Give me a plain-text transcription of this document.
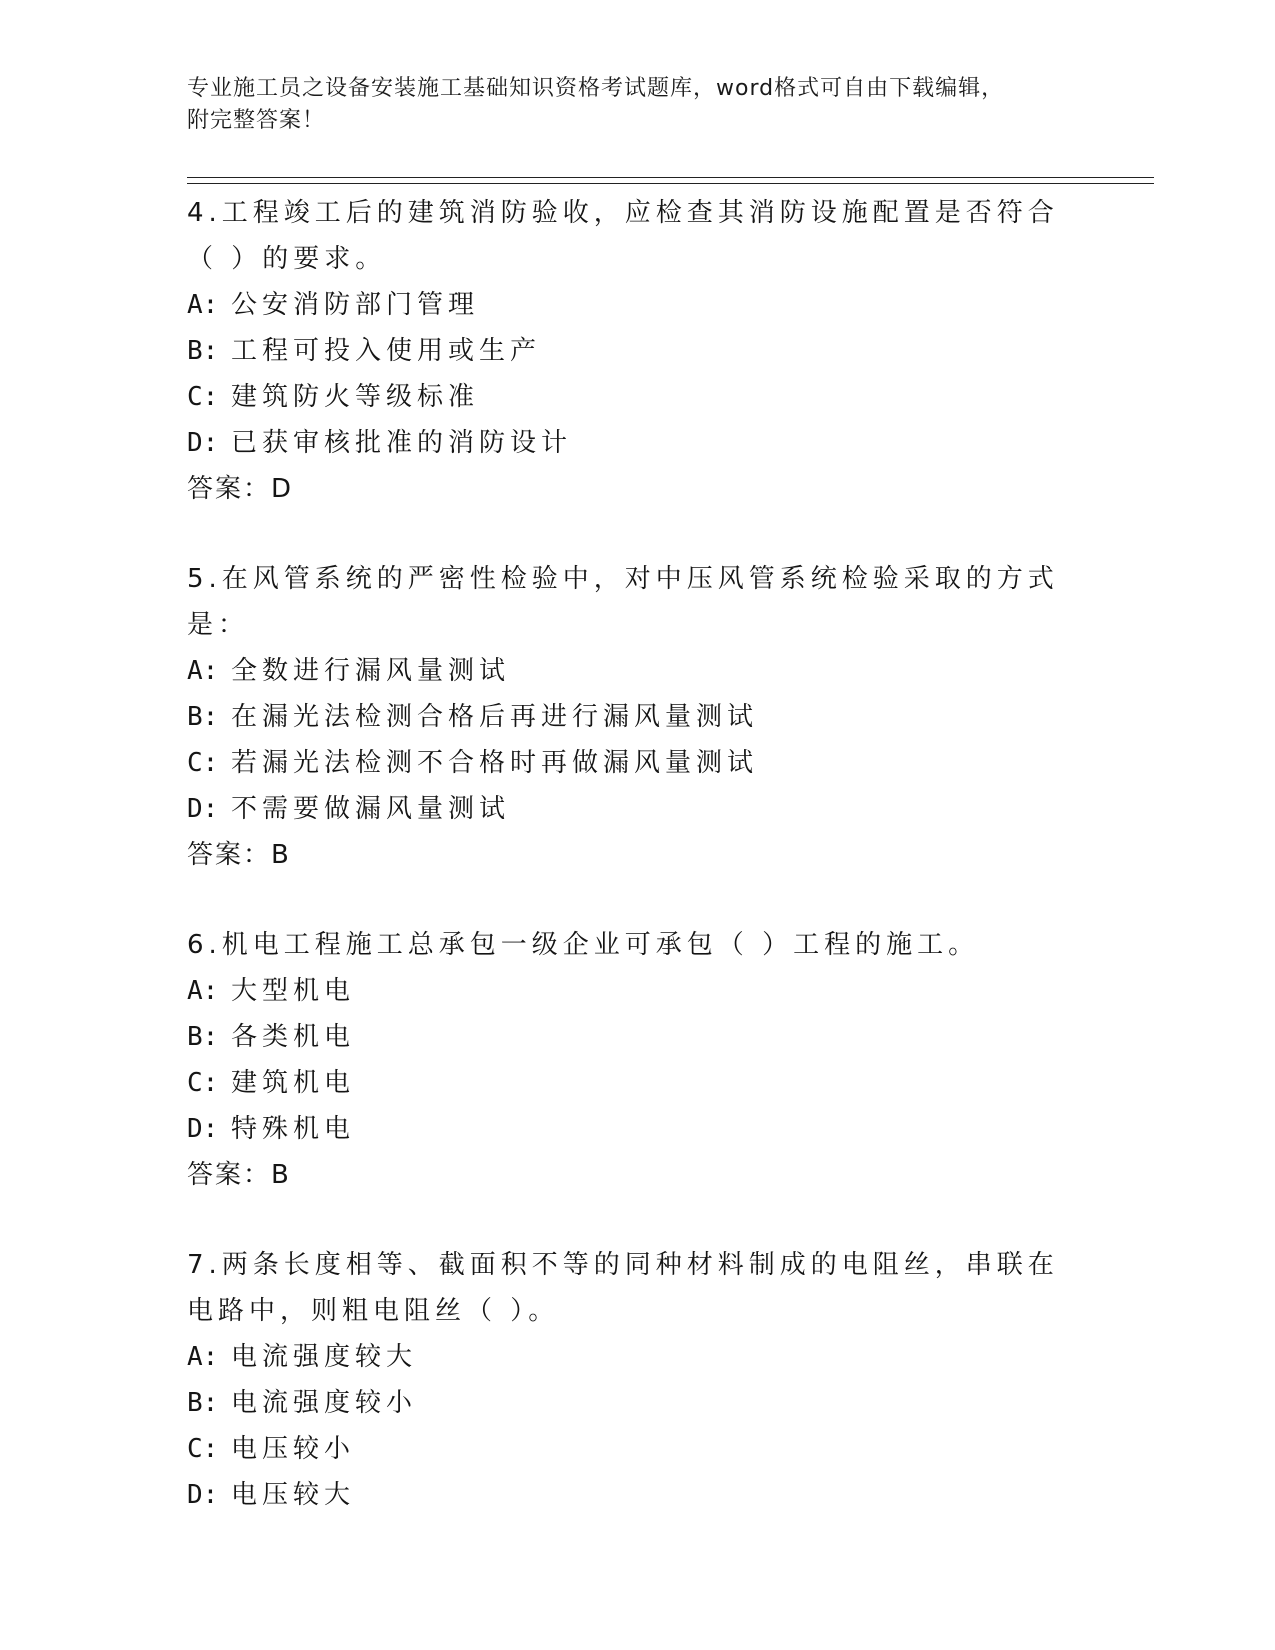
专业施工员之设备安装施工基础知识资格考试题库，word格式可自由下载编辑，
附完整答案！
4.工程竣工后的建筑消防验收，应检查其消防设施配置是否符合（ ）的要求。
A: 公安消防部门管理
B: 工程可投入使用或生产
C: 建筑防火等级标准
D: 已获审核批准的消防设计
答案：D
5.在风管系统的严密性检验中，对中压风管系统检验采取的方式是：
A: 全数进行漏风量测试
B: 在漏光法检测合格后再进行漏风量测试
C: 若漏光法检测不合格时再做漏风量测试
D: 不需要做漏风量测试
答案：B
6.机电工程施工总承包一级企业可承包（ ）工程的施工。
A: 大型机电
B: 各类机电
C: 建筑机电
D: 特殊机电
答案：B
7.两条长度相等、截面积不等的同种材料制成的电阻丝，串联在电路中，则粗电阻丝（ ）。
A: 电流强度较大
B: 电流强度较小
C: 电压较小
D: 电压较大
